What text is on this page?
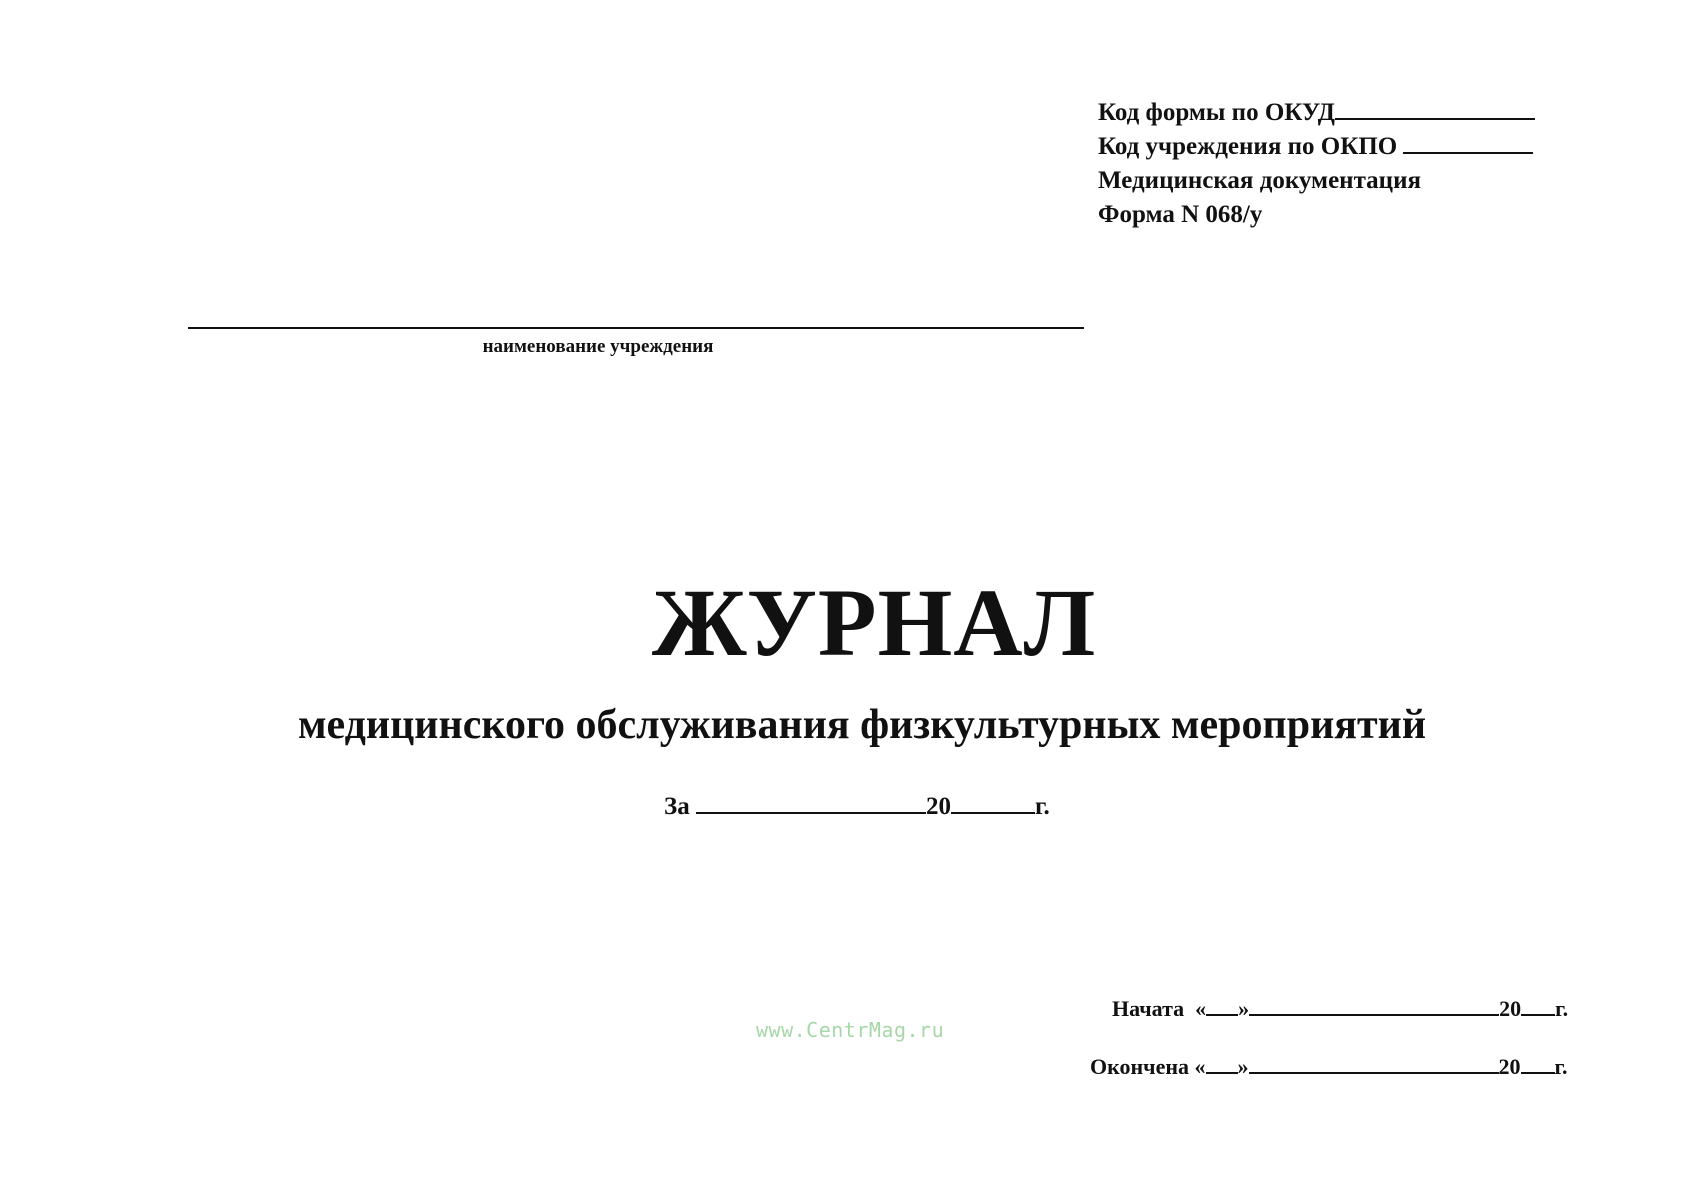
Код формы по ОКУД
Код учреждения по ОКПО
Медицинская документация
Форма N 068/у
наименование учреждения
ЖУРНАЛ
медицинского обслуживания физкультурных мероприятий
За	20	г.
www.CentrMag.ru
Начата « »	20 г.
Окончена « »	20 г.
